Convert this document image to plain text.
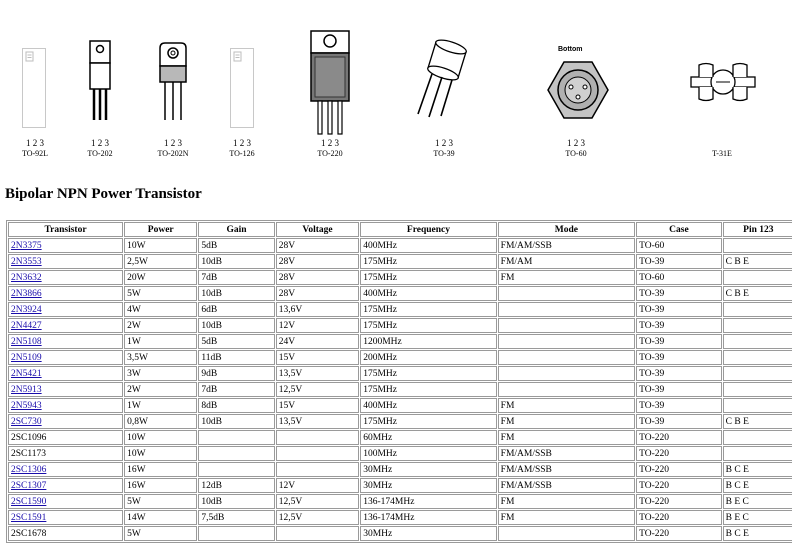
1 2 3
TO-92L
1 2 3
TO-202
1 2 3
TO-202N
1 2 3
TO-126
1 2 3
TO-220
1 2 3
TO-39
Bottom
1 2 3
TO-60	T-31E
Bipolar NPN Power Transistor
Transistor	Power	Gain	Voltage	Frequency	Mode	Case	Pin 123
2N3375	10W	5dB	28V	400MHz	FM/AM/SSB	TO-60	
2N3553	2,5W	10dB	28V	175MHz	FM/AM	TO-39	C B E
2N3632	20W	7dB	28V	175MHz	FM	TO-60	
2N3866	5W	10dB	28V	400MHz		TO-39	C B E
2N3924	4W	6dB	13,6V	175MHz		TO-39	
2N4427	2W	10dB	12V	175MHz		TO-39	
2N5108	1W	5dB	24V	1200MHz		TO-39	
2N5109	3,5W	11dB	15V	200MHz		TO-39	
2N5421	3W	9dB	13,5V	175MHz		TO-39	
2N5913	2W	7dB	12,5V	175MHz		TO-39	
2N5943	1W	8dB	15V	400MHz	FM	TO-39	
2SC730	0,8W	10dB	13,5V	175MHz	FM	TO-39	C B E
2SC1096	10W			60MHz	FM	TO-220	
2SC1173	10W			100MHz	FM/AM/SSB	TO-220	
2SC1306	16W			30MHz	FM/AM/SSB	TO-220	B C E
2SC1307	16W	12dB	12V	30MHz	FM/AM/SSB	TO-220	B C E
2SC1590	5W	10dB	12,5V	136-174MHz	FM	TO-220	B E C
2SC1591	14W	7,5dB	12,5V	136-174MHz	FM	TO-220	B E C
2SC1678	5W			30MHz		TO-220	B C E
